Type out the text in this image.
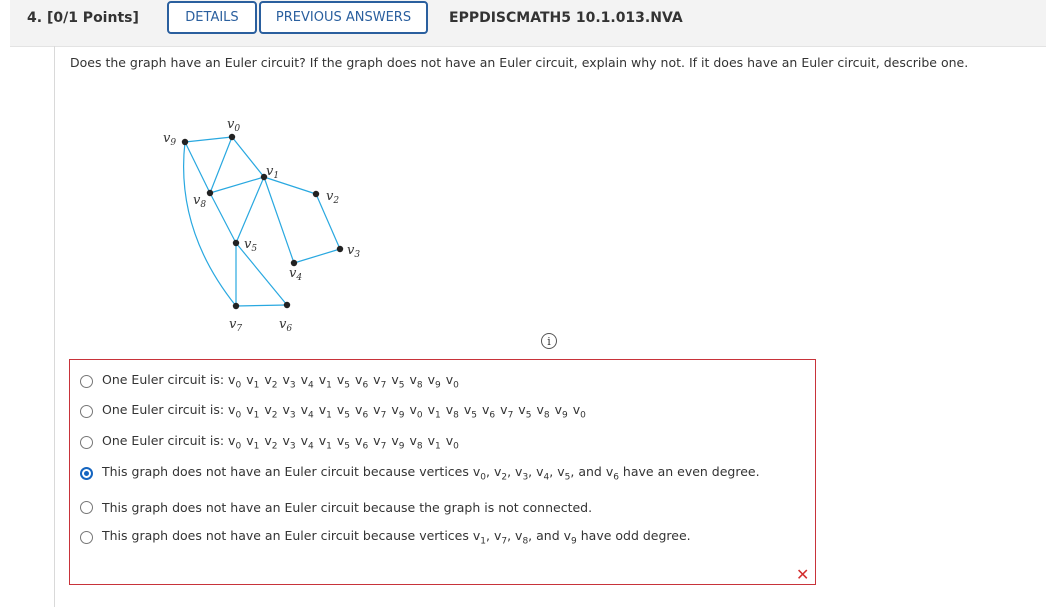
4. [0/1 Points]	DETAILS	PREVIOUS ANSWERS	EPPDISCMATH5 10.1.013.NVA
Does the graph have an Euler circuit? If the graph does not have an Euler circuit, explain why not. If it does have an Euler circuit, describe one.
$v_0$
$v_1$
$v_2$
$v_3$
$v_4$
$v_5$
$v_6$
$v_7$
$v_8$
$v_9$
i
One Euler circuit is: $v_0$ $v_1$ $v_2$ $v_3$ $v_4$ $v_1$ $v_5$ $v_6$ $v_7$ $v_5$ $v_8$ $v_9$ $v_0$
One Euler circuit is: $v_0$ $v_1$ $v_2$ $v_3$ $v_4$ $v_1$ $v_5$ $v_6$ $v_7$ $v_9$ $v_0$ $v_1$ $v_8$ $v_5$ $v_6$ $v_7$ $v_5$ $v_8$ $v_9$ $v_0$
One Euler circuit is: $v_0$ $v_1$ $v_2$ $v_3$ $v_4$ $v_1$ $v_5$ $v_6$ $v_7$ $v_9$ $v_8$ $v_1$ $v_0$
This graph does not have an Euler circuit because vertices $v_0$, $v_2$, $v_3$, $v_4$, $v_5$, and $v_6$ have an even degree.
This graph does not have an Euler circuit because the graph is not connected.
This graph does not have an Euler circuit because vertices $v_1$, $v_7$, $v_8$, and $v_9$ have odd degree.
✕
